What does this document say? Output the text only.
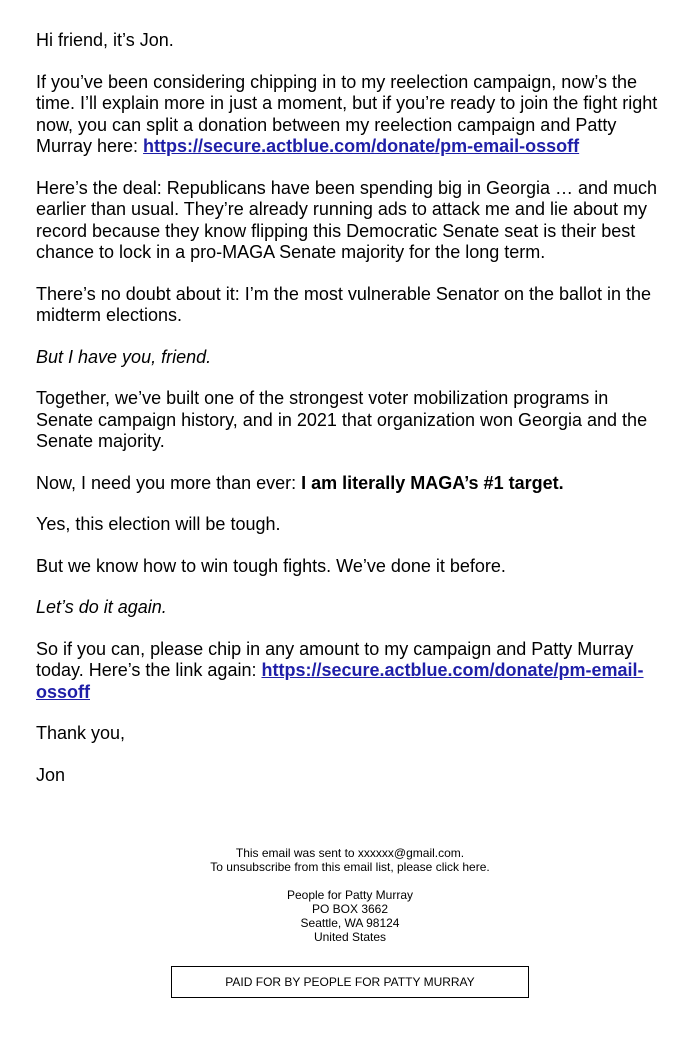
Hi friend, it’s Jon.

If you’ve been considering chipping in to my reelection campaign, now’s the time. I’ll explain more in just a moment, but if you’re ready to join the fight right now, you can split a donation between my reelection campaign and Patty Murray here: https://secure.actblue.com/donate/pm-email-ossoff

Here’s the deal: Republicans have been spending big in Georgia … and much earlier than usual. They’re already running ads to attack me and lie about my record because they know flipping this Democratic Senate seat is their best chance to lock in a pro-MAGA Senate majority for the long term.

There’s no doubt about it: I’m the most vulnerable Senator on the ballot in the midterm elections.

But I have you, friend.

Together, we’ve built one of the strongest voter mobilization programs in Senate campaign history, and in 2021 that organization won Georgia and the Senate majority.

Now, I need you more than ever: I am literally MAGA’s #1 target.

Yes, this election will be tough.

But we know how to win tough fights. We’ve done it before.

Let’s do it again.

So if you can, please chip in any amount to my campaign and Patty Murray today. Here’s the link again: https://secure.actblue.com/donate/pm-email-ossoff

Thank you,

Jon

This email was sent to xxxxxx@gmail.com.
To unsubscribe from this email list, please click here.
People for Patty Murray
PO BOX 3662
Seattle, WA 98124
United States
PAID FOR BY PEOPLE FOR PATTY MURRAY
